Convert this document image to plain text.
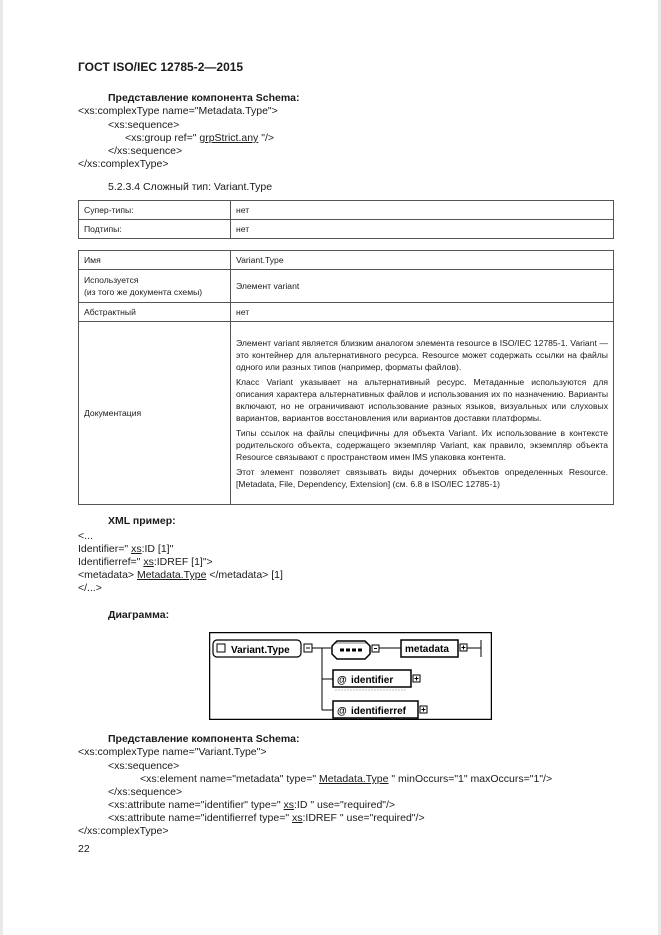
ГОСТ ISO/IEC 12785-2—2015
Представление компонента Schema:
<xs:complexType name="Metadata.Type">
<xs:sequence>
<xs:group ref=" grpStrict.any "/>
</xs:sequence>
</xs:complexType>
5.2.3.4 Сложный тип: Variant.Type
Супер-типы:	нет
Подтипы:	нет
Имя	Variant.Type

Используется
(из того же документа схемы)	Элемент variant
Абстрактный	нет
Документация	Элемент variant является близким аналогом элемента resource в ISO/IEC 12785-1. Variant — это контейнер для альтернативного ресурса. Resource может содержать ссылки на файлы одного или разных типов (например, форматы файлов).

Класс Variant указывает на альтернативный ресурс. Метаданные используются для описания характера альтернативных файлов и использования их по назначению. Варианты включают, но не ограничивают использование разных языков, визуальных или слуховых вариантов, вариантов восстановления или вариантов доставки платформы.

Типы ссылок на файлы специфичны для объекта Variant. Их использование в контексте родительского объекта, содержащего экземпляр Variant, как правило, экземпляр объекта Resource связывают с пространством имен IMS упаковка контента.

Этот элемент позволяет связывать виды дочерних объектов определенных Resource. [Metadata, File, Dependency, Extension] (см. 6.8 в ISO/IEC 12785-1)

XML пример:
<...
Identifier=" xs:ID [1]"
Identifierref=" xs:IDREF [1]">
<metadata> Metadata.Type </metadata> [1]
</...>
Диаграмма:
Variant.Type	metadata
@ identifier
@ identifierref
Представление компонента Schema:
<xs:complexType name="Variant.Type">
<xs:sequence>
<xs:element name="metadata" type=" Metadata.Type " minOccurs="1" maxOccurs="1"/>
</xs:sequence>
<xs:attribute name="identifier" type=" xs:ID " use="required"/>
<xs:attribute name="identifierref type=" xs:IDREF " use="required"/>
</xs:complexType>
22
